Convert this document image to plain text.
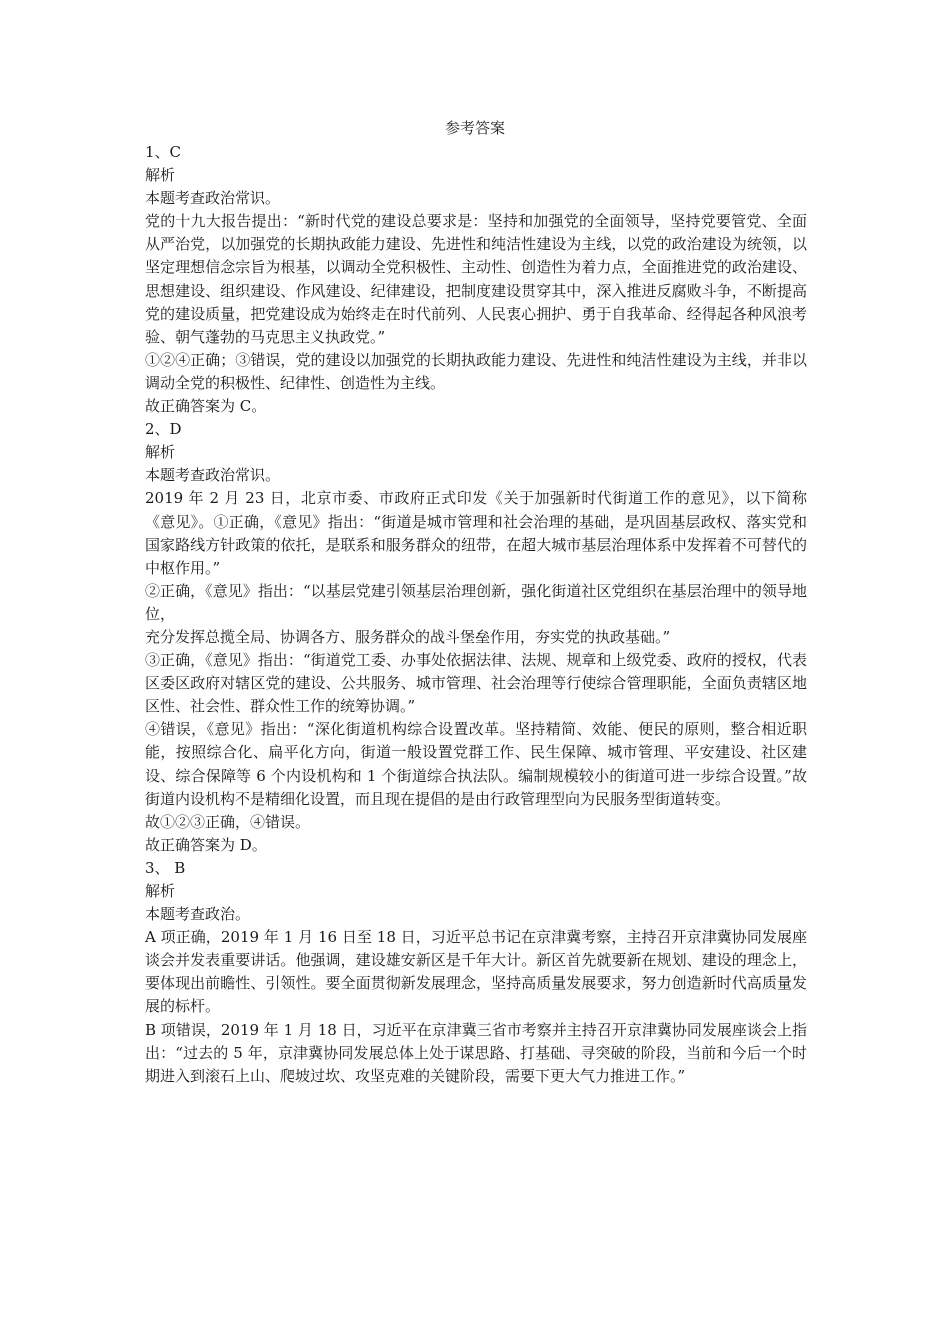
参考答案

1、C

解析

本题考查政治常识。

党的十九大报告提出：“新时代党的建设总要求是：坚持和加强党的全面领导，坚持党要管党、全面从严治党，以加强党的长期执政能力建设、先进性和纯洁性建设为主线，以党的政治建设为统领，以坚定理想信念宗旨为根基，以调动全党积极性、主动性、创造性为着力点，全面推进党的政治建设、思想建设、组织建设、作风建设、纪律建设，把制度建设贯穿其中，深入推进反腐败斗争，不断提高党的建设质量，把党建设成为始终走在时代前列、人民衷心拥护、勇于自我革命、经得起各种风浪考验、朝气蓬勃的马克思主义执政党。”

①②④正确；③错误，党的建设以加强党的长期执政能力建设、先进性和纯洁性建设为主线，并非以调动全党的积极性、纪律性、创造性为主线。

故正确答案为 C。

2、D

解析

本题考查政治常识。

2019 年 2 月 23 日，北京市委、市政府正式印发《关于加强新时代街道工作的意见》，以下简称《意见》。①正确，《意见》指出：“街道是城市管理和社会治理的基础，是巩固基层政权、落实党和国家路线方针政策的依托，是联系和服务群众的纽带，在超大城市基层治理体系中发挥着不可替代的中枢作用。”

②正确，《意见》指出：“以基层党建引领基层治理创新，强化街道社区党组织在基层治理中的领导地位，

充分发挥总揽全局、协调各方、服务群众的战斗堡垒作用，夯实党的执政基础。”

③正确，《意见》指出：“街道党工委、办事处依据法律、法规、规章和上级党委、政府的授权，代表区委区政府对辖区党的建设、公共服务、城市管理、社会治理等行使综合管理职能，全面负责辖区地区性、社会性、群众性工作的统筹协调。”

④错误，《意见》指出：“深化街道机构综合设置改革。坚持精简、效能、便民的原则，整合相近职能，按照综合化、扁平化方向，街道一般设置党群工作、民生保障、城市管理、平安建设、社区建设、综合保障等 6 个内设机构和 1 个街道综合执法队。编制规模较小的街道可进一步综合设置。”故街道内设机构不是精细化设置，而且现在提倡的是由行政管理型向为民服务型街道转变。

故①②③正确，④错误。

故正确答案为 D。

3、 B

解析

本题考查政治。

A 项正确，2019 年 1 月 16 日至 18 日，习近平总书记在京津冀考察，主持召开京津冀协同发展座谈会并发表重要讲话。他强调，建设雄安新区是千年大计。新区首先就要新在规划、建设的理念上，要体现出前瞻性、引领性。要全面贯彻新发展理念，坚持高质量发展要求，努力创造新时代高质量发展的标杆。

B 项错误，2019 年 1 月 18 日，习近平在京津冀三省市考察并主持召开京津冀协同发展座谈会上指出：“过去的 5 年，京津冀协同发展总体上处于谋思路、打基础、寻突破的阶段，当前和今后一个时期进入到滚石上山、爬坡过坎、攻坚克难的关键阶段，需要下更大气力推进工作。”
